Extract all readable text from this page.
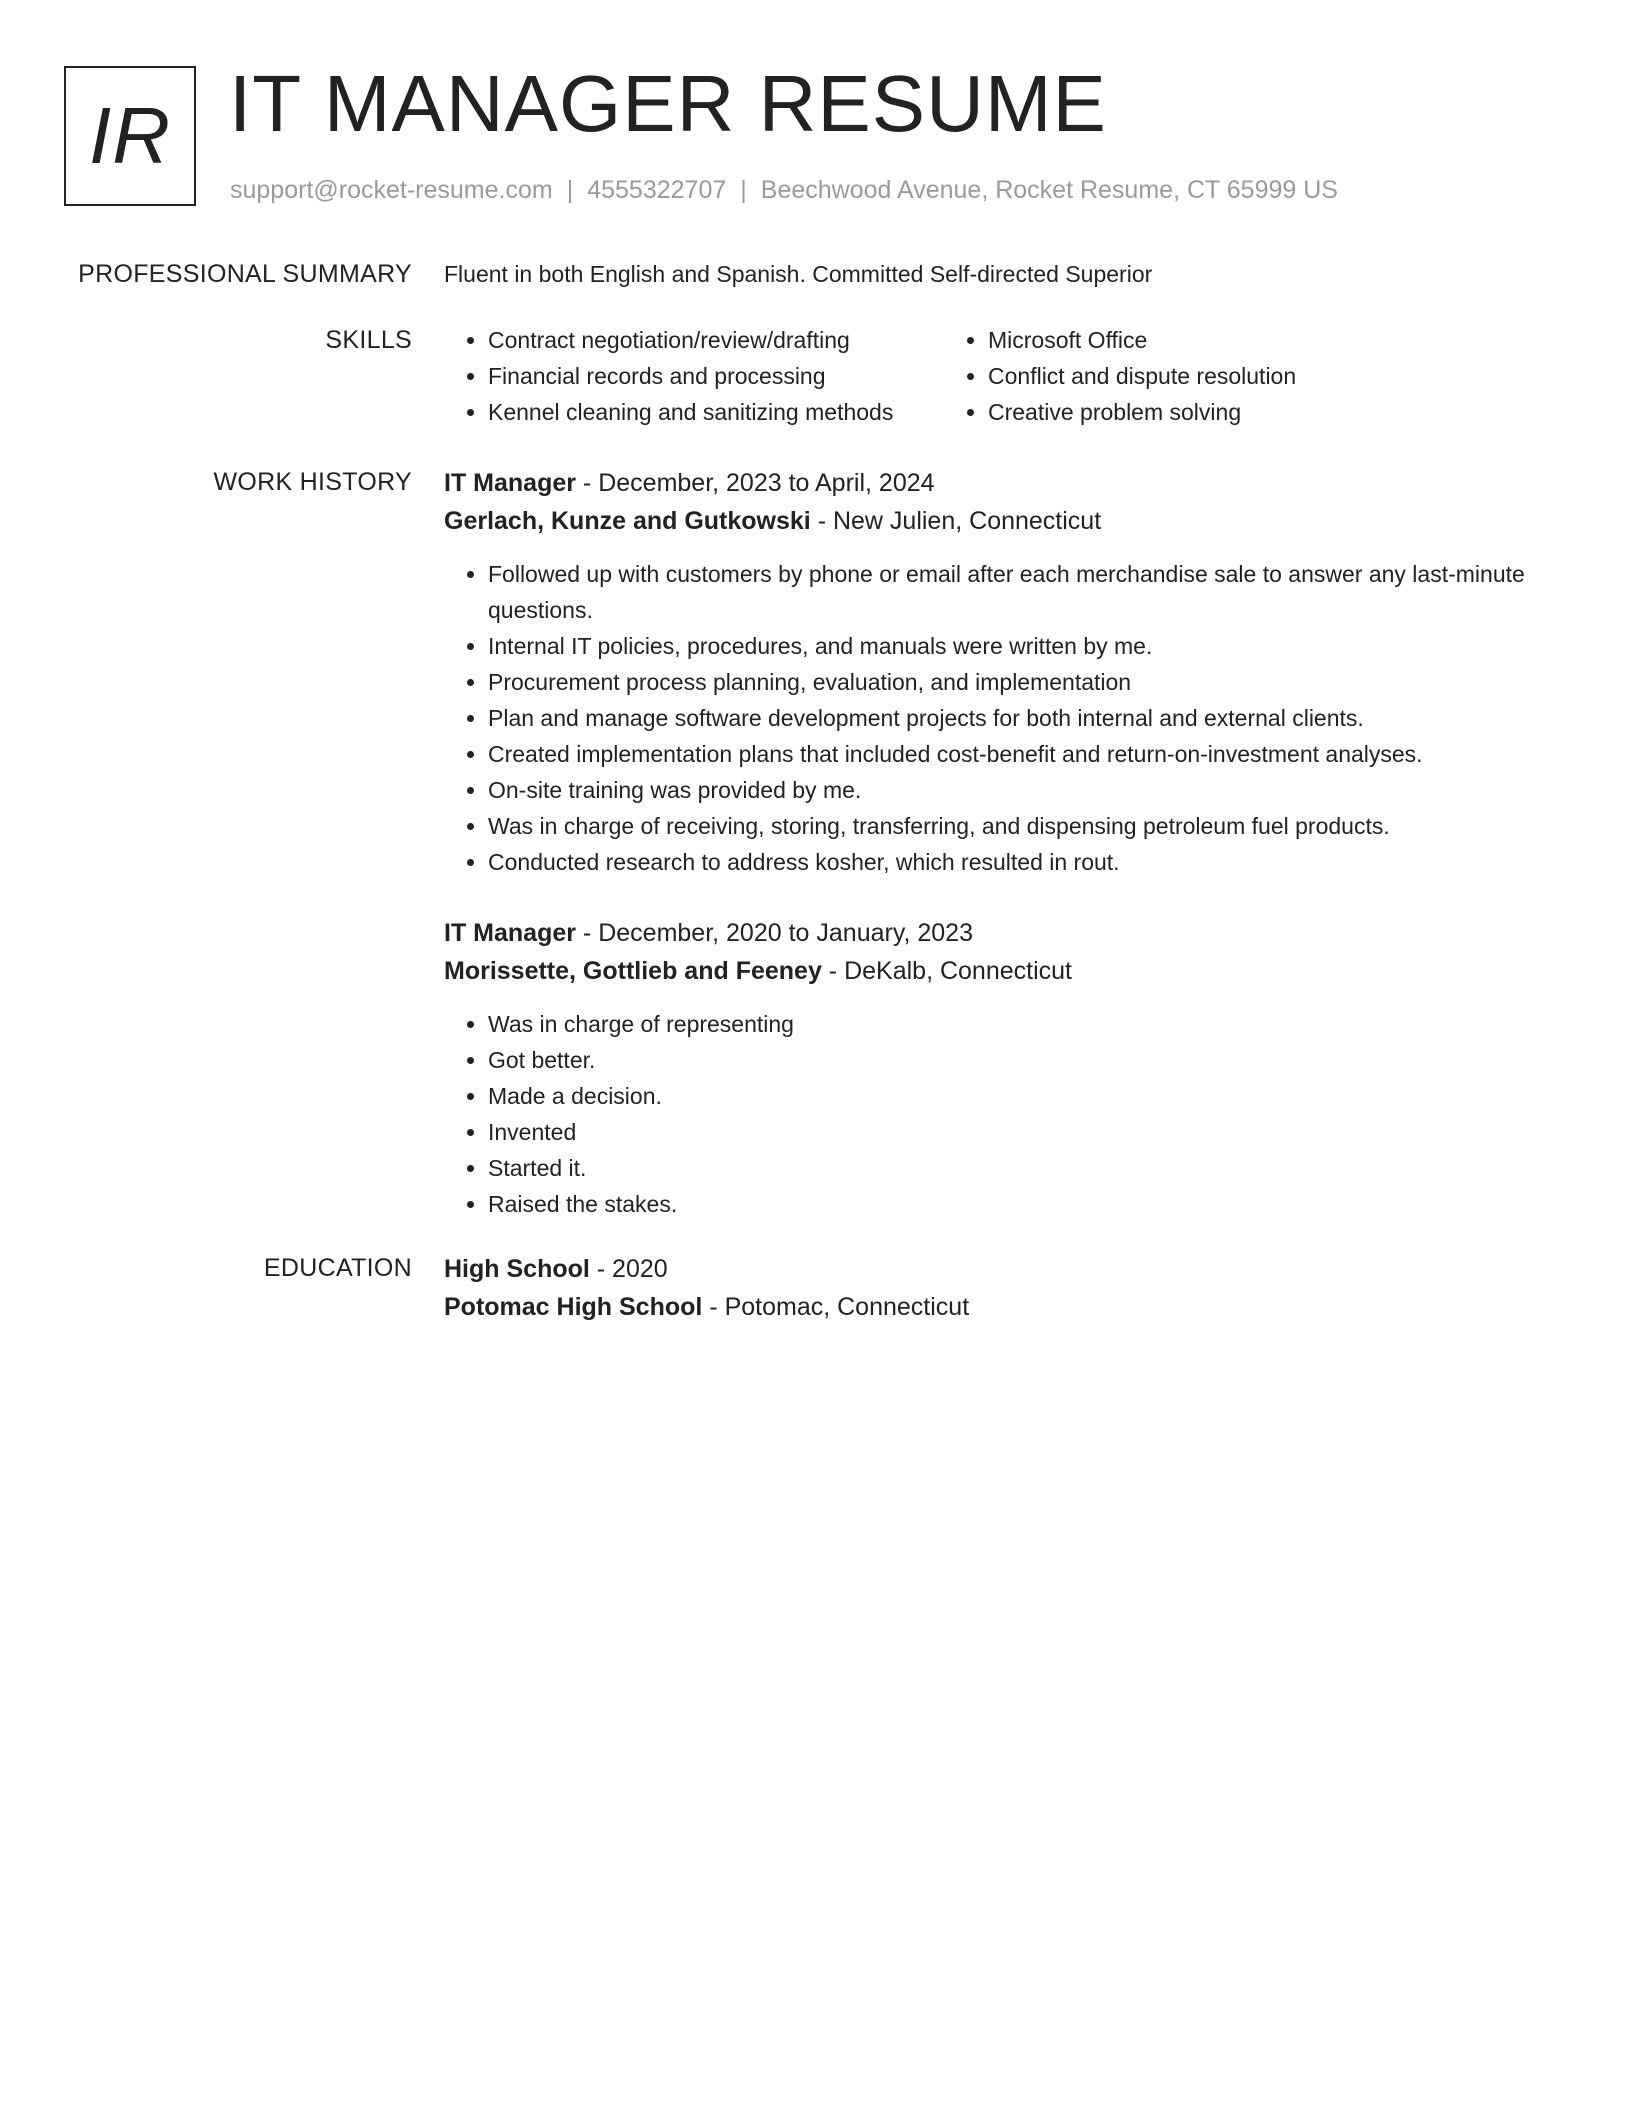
IR IT MANAGER RESUME
support@rocket-resume.com | 4555322707 | Beechwood Avenue, Rocket Resume, CT 65999 US
PROFESSIONAL SUMMARY Fluent in both English and Spanish. Committed Self-directed Superior

SKILLS
•	Contract negotiation/review/drafting
• Financial records and processing
• Kennel cleaning and sanitizing methods
• Microsoft Office
• Conflict and dispute resolution
• Creative problem solving
WORK HISTORY IT Manager - December, 2023 to April, 2024
Gerlach, Kunze and Gutkowski - New Julien, Connecticut
• Followed up with customers by phone or email after each merchandise sale to answer any last-minute questions.
• Internal IT policies, procedures, and manuals were written by me.
• Procurement process planning, evaluation, and implementation
• Plan and manage software development projects for both internal and external clients.
• Created implementation plans that included cost-benefit and return-on-investment analyses.
• On-site training was provided by me.
• Was in charge of receiving, storing, transferring, and dispensing petroleum fuel products.
• Conducted research to address kosher, which resulted in rout.
IT Manager - December, 2020 to January, 2023
Morissette, Gottlieb and Feeney - DeKalb, Connecticut
• Was in charge of representing
• Got better.
• Made a decision.
• Invented
• Started it.
• Raised the stakes.
EDUCATION High School - 2020
Potomac High School - Potomac, Connecticut
